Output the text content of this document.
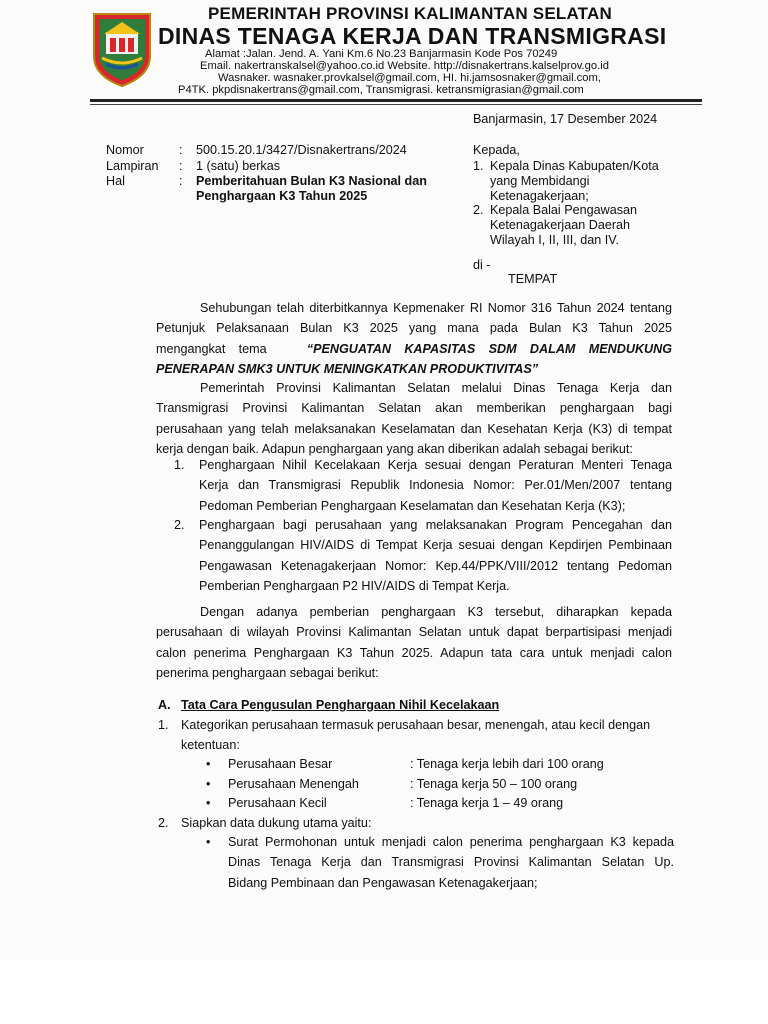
PEMERINTAH PROVINSI KALIMANTAN SELATAN
DINAS TENAGA KERJA DAN TRANSMIGRASI
Alamat :Jalan. Jend. A. Yani Km.6 No.23 Banjarmasin Kode Pos 70249
Email. nakertranskalsel@yahoo.co.id Website. http://disnakertrans.kalselprov.go.id
Wasnaker. wasnaker.provkalsel@gmail.com, HI. hi.jamsosnaker@gmail.com,
P4TK. pkpdisnakertrans@gmail.com, Transmigrasi. ketransmigrasian@gmail.com
Banjarmasin, 17 Desember 2024
Nomor	: 500.15.20.1/3427/Disnakertrans/2024
Lampiran : 1 (satu) berkas
Hal	: Pemberitahuan Bulan K3 Nasional dan
Penghargaan K3 Tahun 2025
Kepada,
1. Kepala Dinas Kabupaten/Kota
yang Membidangi
Ketenagakerjaan;
2. Kepala Balai Pengawasan
Ketenagakerjaan Daerah
Wilayah I, II, III, dan IV.
di -
TEMPAT
Sehubungan telah diterbitkannya Kepmenaker RI Nomor 316 Tahun 2024 tentang
Petunjuk Pelaksanaan Bulan K3 2025 yang mana pada Bulan K3 Tahun 2025
mengangkat tema	“PENGUATAN KAPASITAS SDM DALAM MENDUKUNG
PENERAPAN SMK3 UNTUK MENINGKATKAN PRODUKTIVITAS”
Pemerintah Provinsi Kalimantan Selatan melalui Dinas Tenaga Kerja dan
Transmigrasi Provinsi Kalimantan Selatan akan memberikan penghargaan bagi
perusahaan yang telah melaksanakan Keselamatan dan Kesehatan Kerja (K3) di tempat
kerja dengan baik. Adapun penghargaan yang akan diberikan adalah sebagai berikut:
1. Penghargaan Nihil Kecelakaan Kerja sesuai dengan Peraturan Menteri Tenaga
Kerja dan Transmigrasi Republik Indonesia Nomor: Per.01/Men/2007 tentang
Pedoman Pemberian Penghargaan Keselamatan dan Kesehatan Kerja (K3);
2. Penghargaan bagi perusahaan yang melaksanakan Program Pencegahan dan
Penanggulangan HIV/AIDS di Tempat Kerja sesuai dengan Kepdirjen Pembinaan
Pengawasan Ketenagakerjaan Nomor: Kep.44/PPK/VIII/2012 tentang Pedoman
Pemberian Penghargaan P2 HIV/AIDS di Tempat Kerja.
Dengan adanya pemberian penghargaan K3 tersebut, diharapkan kepada
perusahaan di wilayah Provinsi Kalimantan Selatan untuk dapat berpartisipasi menjadi
calon penerima Penghargaan K3 Tahun 2025. Adapun tata cara untuk menjadi calon
penerima penghargaan sebagai berikut:
A. Tata Cara Pengusulan Penghargaan Nihil Kecelakaan
1. Kategorikan perusahaan termasuk perusahaan besar, menengah, atau kecil dengan
ketentuan:
• Perusahaan Besar	: Tenaga kerja lebih dari 100 orang
• Perusahaan Menengah	: Tenaga kerja 50 – 100 orang
• Perusahaan Kecil	: Tenaga kerja 1 – 49 orang
2. Siapkan data dukung utama yaitu:
• Surat Permohonan untuk menjadi calon penerima penghargaan K3 kepada
Dinas Tenaga Kerja dan Transmigrasi Provinsi Kalimantan Selatan Up.
Bidang Pembinaan dan Pengawasan Ketenagakerjaan;
